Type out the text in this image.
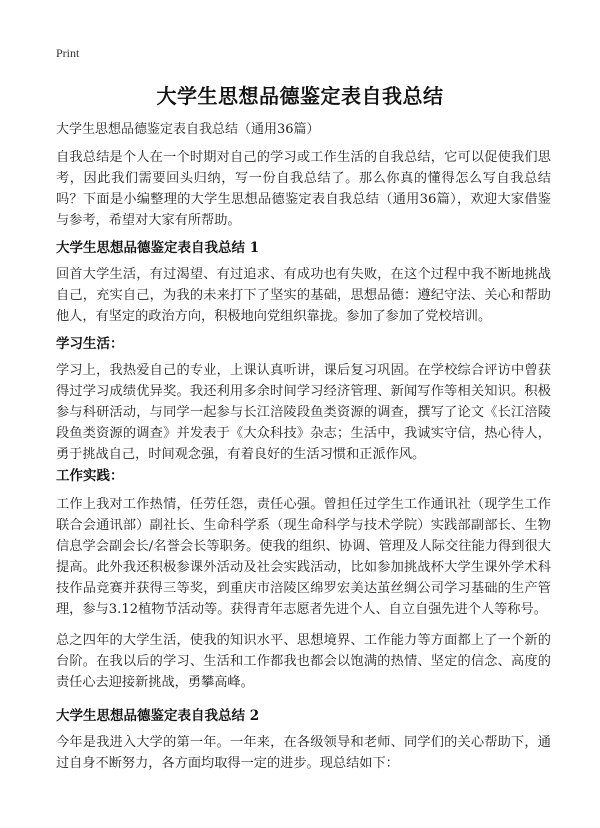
Print
大学生思想品德鉴定表自我总结
大学生思想品德鉴定表自我总结（通用36篇）

自我总结是个人在一个时期对自己的学习或工作生活的自我总结，它可以促使我们思考，因此我们需要回头归纳，写一份自我总结了。那么你真的懂得怎么写自我总结吗？下面是小编整理的大学生思想品德鉴定表自我总结（通用36篇），欢迎大家借鉴与参考，希望对大家有所帮助。

大学生思想品德鉴定表自我总结 1

回首大学生活，有过渴望、有过追求、有成功也有失败，在这个过程中我不断地挑战自己，充实自己，为我的未来打下了坚实的基础，思想品德：遵纪守法、关心和帮助他人，有坚定的政治方向，积极地向党组织靠拢。参加了参加了党校培训。

学习生活：

学习上，我热爱自己的专业，上课认真听讲，课后复习巩固。在学校综合评访中曾获得过学习成绩优异奖。我还利用多余时间学习经济管理、新闻写作等相关知识。积极参与科研活动，与同学一起参与长江涪陵段鱼类资源的调查，撰写了论文《长江涪陵段鱼类资源的调查》并发表于《大众科技》杂志；生活中，我诚实守信，热心待人，勇于挑战自己，时间观念强，有着良好的生活习惯和正派作风。

工作实践：

工作上我对工作热情，任劳任怨，责任心强。曾担任过学生工作通讯社（现学生工作联合会通讯部）副社长、生命科学系（现生命科学与技术学院）实践部副部长、生物信息学会副会长/名誉会长等职务。使我的组织、协调、管理及人际交往能力得到很大提高。此外我还积极参课外活动及社会实践活动，比如参加挑战杯大学生课外学术科技作品竞赛并获得三等奖，到重庆市涪陵区绵罗宏美达茧丝绸公司学习基础的生产管理，参与3.12植物节活动等。获得青年志愿者先进个人、自立自强先进个人等称号。

总之四年的大学生活，使我的知识水平、思想境界、工作能力等方面都上了一个新的台阶。在我以后的学习、生活和工作都我也都会以饱满的热情、坚定的信念、高度的责任心去迎接新挑战，勇攀高峰。

大学生思想品德鉴定表自我总结 2

今年是我进入大学的第一年。一年来，在各级领导和老师、同学们的关心帮助下，通过自身不断努力，各方面均取得一定的进步。现总结如下：
